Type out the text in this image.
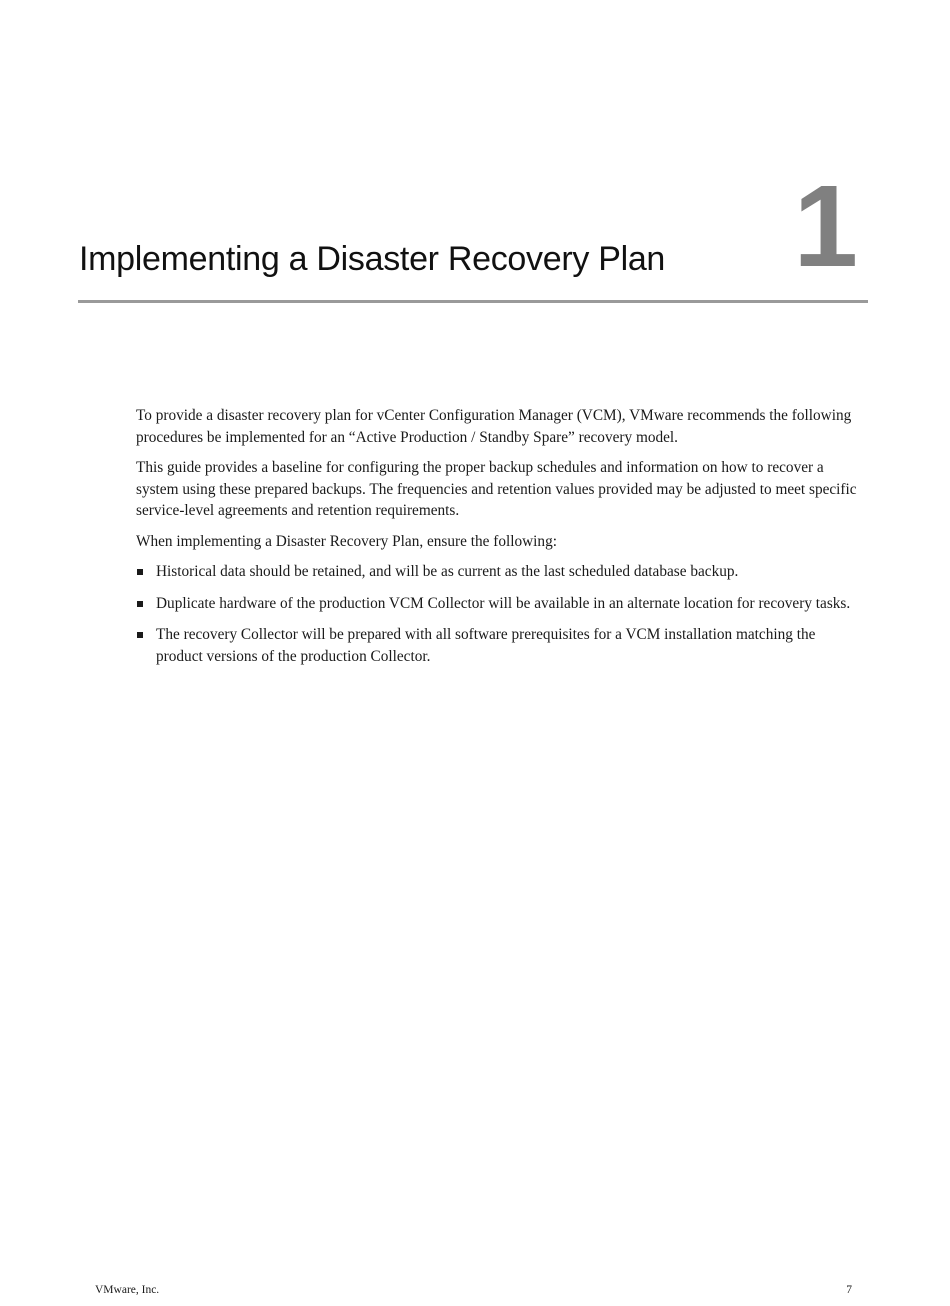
1
Implementing a Disaster Recovery Plan

To provide a disaster recovery plan for vCenter Configuration Manager (VCM), VMware recommends the following procedures be implemented for an “Active Production / Standby Spare” recovery model.

This guide provides a baseline for configuring the proper backup schedules and information on how to recover a system using these prepared backups. The frequencies and retention values provided may be adjusted to meet specific service-level agreements and retention requirements.

When implementing a Disaster Recovery Plan, ensure the following:

Historical data should be retained, and will be as current as the last scheduled database backup.
Duplicate hardware of the production VCM Collector will be available in an alternate location for recovery tasks.
The recovery Collector will be prepared with all software prerequisites for a VCM installation matching the product versions of the production Collector.
VMware, Inc.	7
